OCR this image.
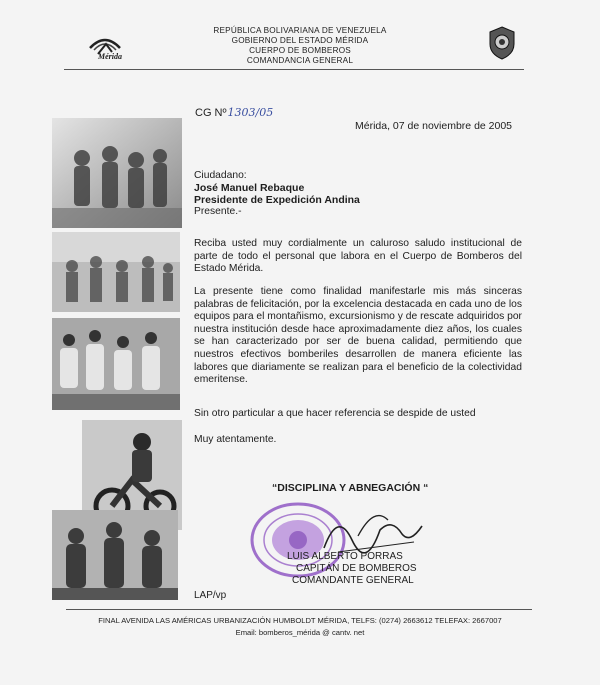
Mérida
REPÚBLICA BOLIVARIANA DE VENEZUELA
GOBIERNO DEL ESTADO MÉRIDA
CUERPO DE BOMBEROS
COMANDANCIA GENERAL
CG Nº1303/05
Mérida, 07 de noviembre de 2005
Ciudadano:
José Manuel Rebaque
Presidente de Expedición Andina
Presente.-
Reciba usted muy cordialmente un caluroso saludo institucional de parte de todo el personal que labora en el Cuerpo de Bomberos del Estado Mérida.
La presente tiene como finalidad manifestarle mis más sinceras palabras de felicitación, por la excelencia destacada en cada uno de los equipos para el montañismo, excursionismo y de rescate adquiridos por nuestra institución desde hace aproximadamente diez años, los cuales se han caracterizado por ser de buena calidad, permitiendo que nuestros efectivos bomberiles desarrollen de manera eficiente las labores que diariamente se realizan para el beneficio de la colectividad emeritense.
Sin otro particular a que hacer referencia se despide de usted
Muy atentamente.
“DISCIPLINA Y ABNEGACIÓN “
LUIS ALBERTO PORRAS
CAPITÁN DE BOMBEROS
COMANDANTE GENERAL
LAP/vp
FINAL AVENIDA LAS AMÉRICAS URBANIZACIÓN HUMBOLDT MÉRIDA, TELFS: (0274) 2663612 TELEFAX: 2667007
Email: bomberos_mérida @ cantv. net
